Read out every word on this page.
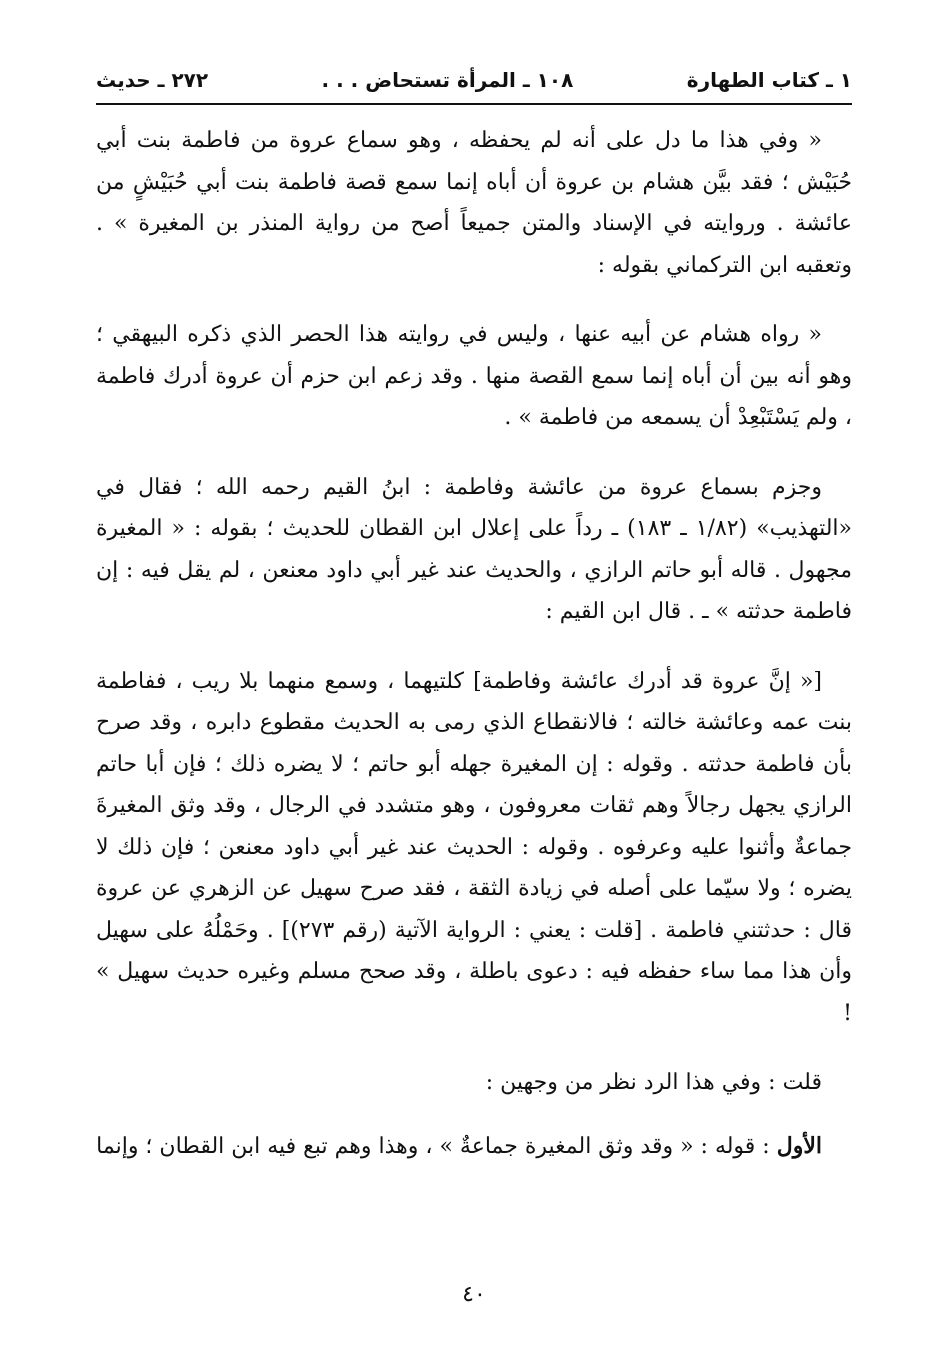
١ ـ كتاب الطهارة
١٠٨ ـ المرأة تستحاض . . .
٢٧٢ ـ حديث

« وفي هذا ما دل على أنه لم يحفظه ، وهو سماع عروة من فاطمة بنت أبي حُبَيْش ؛ فقد بيَّن هشام بن عروة أن أباه إنما سمع قصة فاطمة بنت أبي حُبَيْشٍ من عائشة . وروايته في الإسناد والمتن جميعاً أصح من رواية المنذر بن المغيرة » . وتعقبه ابن التركماني بقوله :

« رواه هشام عن أبيه عنها ، وليس في روايته هذا الحصر الذي ذكره البيهقي ؛ وهو أنه بين أن أباه إنما سمع القصة منها . وقد زعم ابن حزم أن عروة أدرك فاطمة ، ولم يَسْتَبْعِدْ أن يسمعه من فاطمة » .

وجزم بسماع عروة من عائشة وفاطمة : ابنُ القيم رحمه الله ؛ فقال في «التهذيب» (١/٨٢ ـ ١٨٣) ـ رداً على إعلال ابن القطان للحديث ؛ بقوله : « المغيرة مجهول . قاله أبو حاتم الرازي ، والحديث عند غير أبي داود معنعن ، لم يقل فيه : إن فاطمة حدثته » ـ . قال ابن القيم :

[« إنَّ عروة قد أدرك عائشة وفاطمة] كلتيهما ، وسمع منهما بلا ريب ، ففاطمة بنت عمه وعائشة خالته ؛ فالانقطاع الذي رمى به الحديث مقطوع دابره ، وقد صرح بأن فاطمة حدثته . وقوله : إن المغيرة جهله أبو حاتم ؛ لا يضره ذلك ؛ فإن أبا حاتم الرازي يجهل رجالاً وهم ثقات معروفون ، وهو متشدد في الرجال ، وقد وثق المغيرةَ جماعةٌ وأثنوا عليه وعرفوه . وقوله : الحديث عند غير أبي داود معنعن ؛ فإن ذلك لا يضره ؛ ولا سيّما على أصله في زيادة الثقة ، فقد صرح سهيل عن الزهري عن عروة قال : حدثتني فاطمة . [قلت : يعني : الرواية الآتية (رقم ٢٧٣)] . وحَمْلُهُ على سهيل وأن هذا مما ساء حفظه فيه : دعوى باطلة ، وقد صحح مسلم وغيره حديث سهيل » !

قلت : وفي هذا الرد نظر من وجهين :

الأول : قوله : « وقد وثق المغيرة جماعةٌ » ، وهذا وهم تبع فيه ابن القطان ؛ وإنما

٤٠
